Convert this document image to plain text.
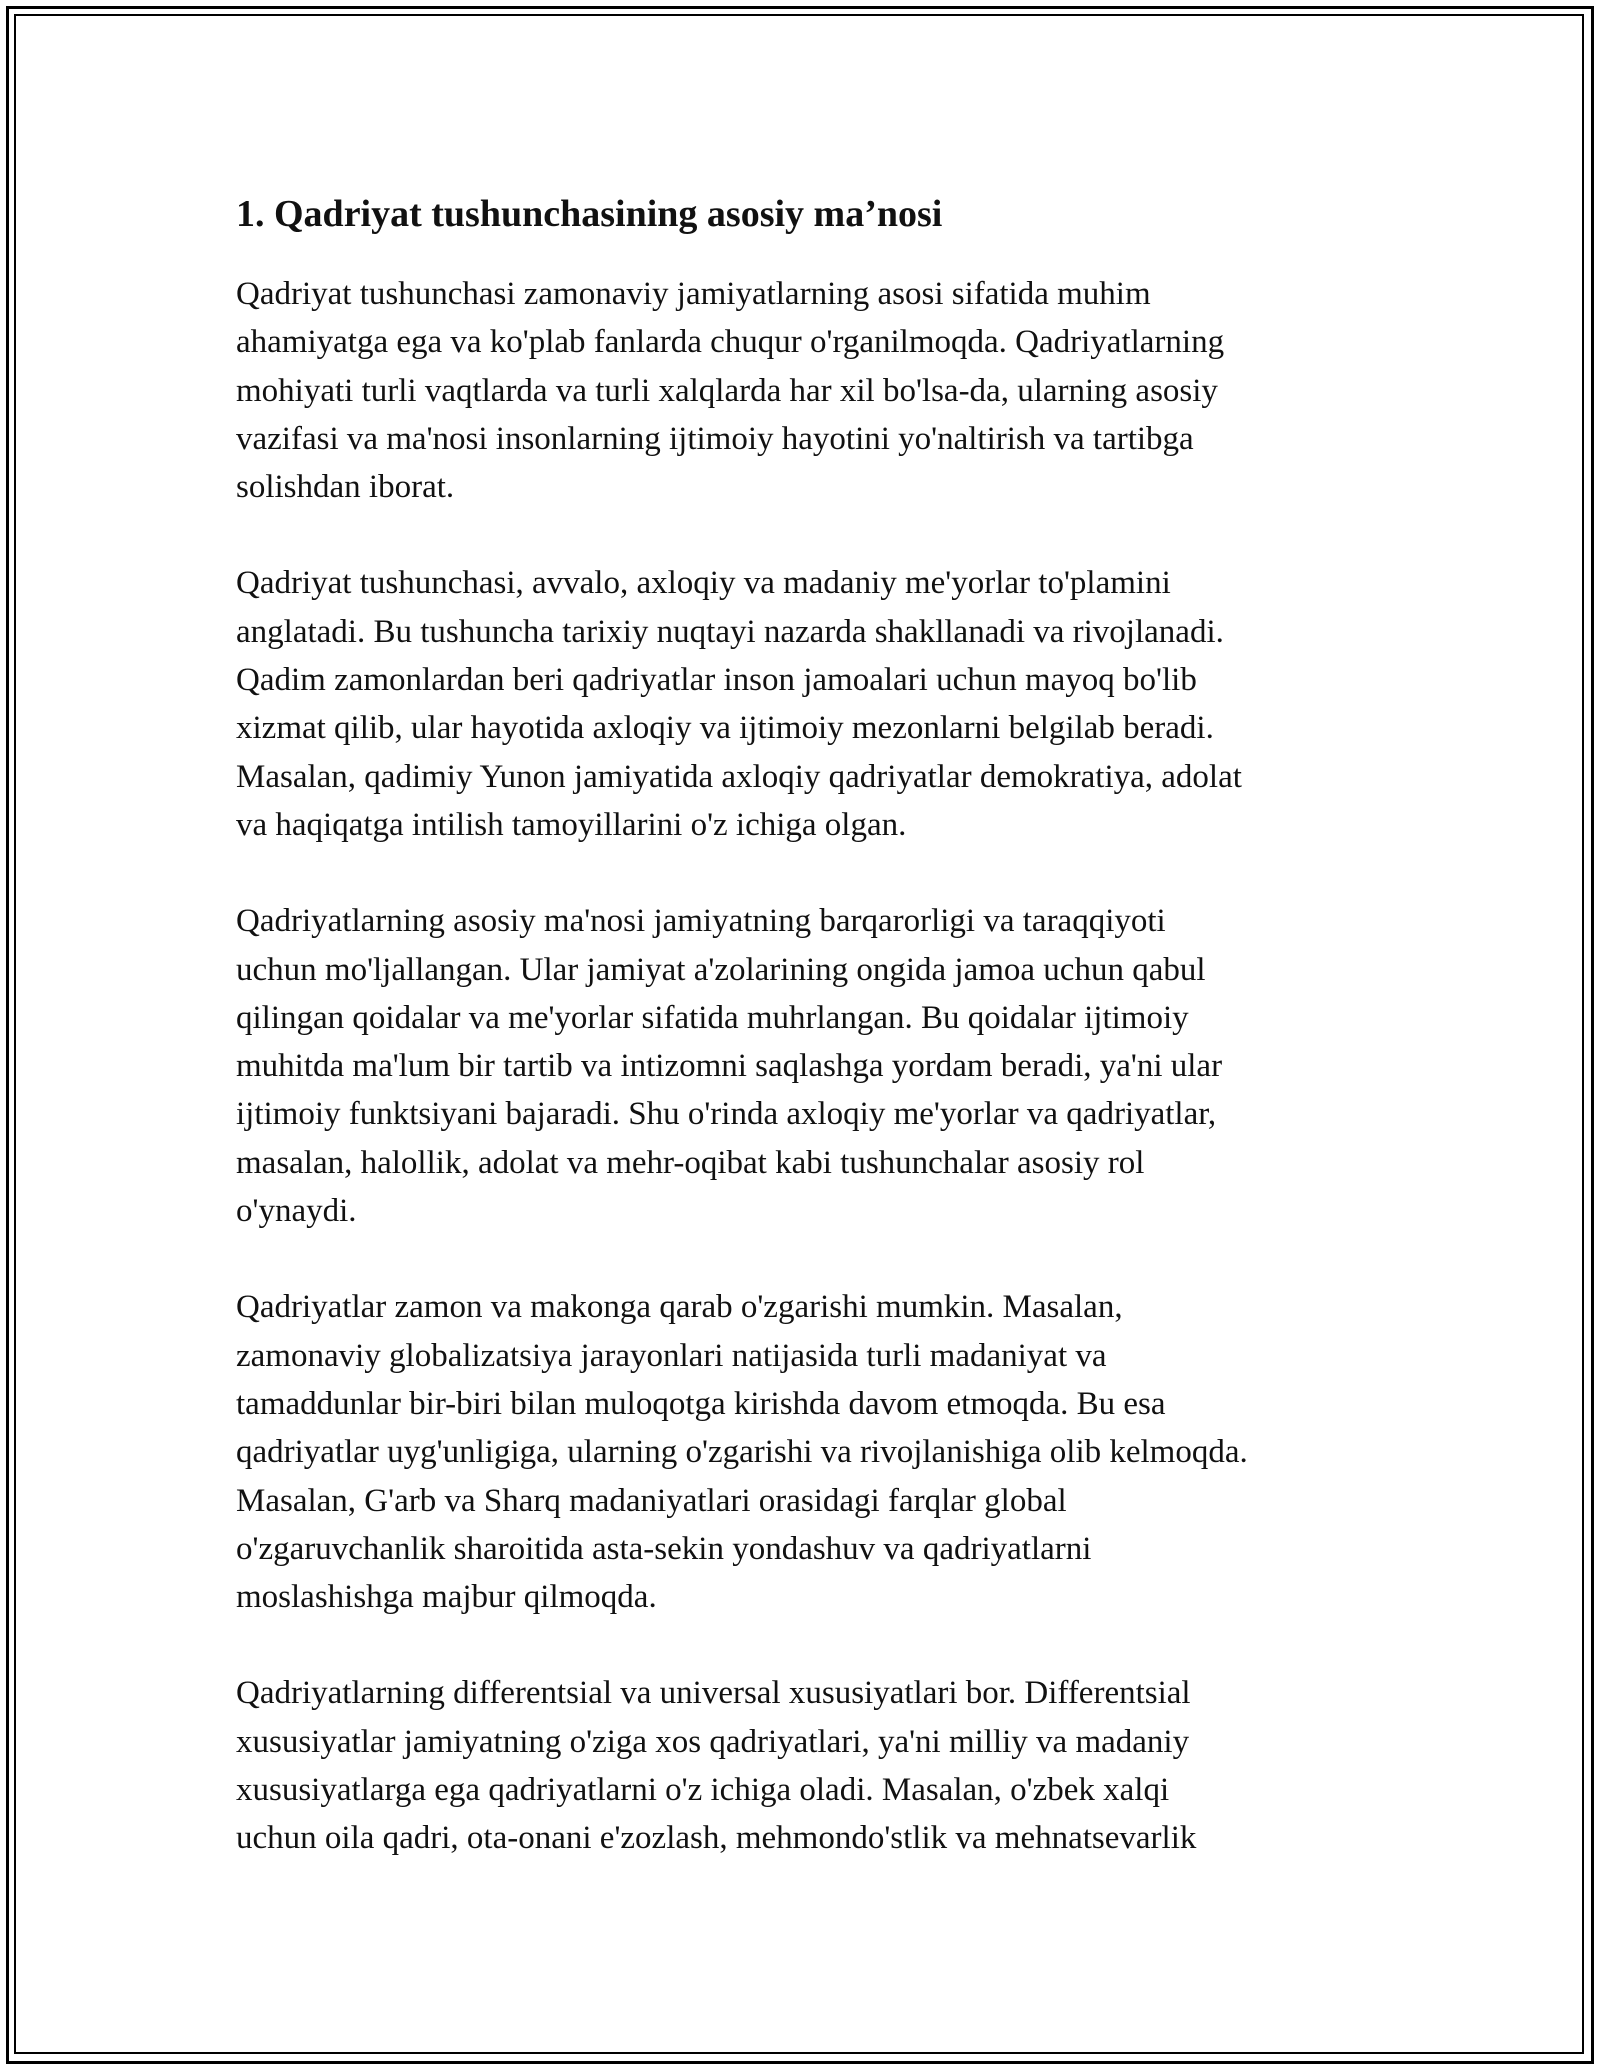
1. Qadriyat tushunchasining asosiy ma’nosi

Qadriyat tushunchasi zamonaviy jamiyatlarning asosi sifatida muhim
ahamiyatga ega va ko'plab fanlarda chuqur o'rganilmoqda. Qadriyatlarning
mohiyati turli vaqtlarda va turli xalqlarda har xil bo'lsa-da, ularning asosiy
vazifasi va ma'nosi insonlarning ijtimoiy hayotini yo'naltirish va tartibga
solishdan iborat.

Qadriyat tushunchasi, avvalo, axloqiy va madaniy me'yorlar to'plamini
anglatadi. Bu tushuncha tarixiy nuqtayi nazarda shakllanadi va rivojlanadi.
Qadim zamonlardan beri qadriyatlar inson jamoalari uchun mayoq bo'lib
xizmat qilib, ular hayotida axloqiy va ijtimoiy mezonlarni belgilab beradi.
Masalan, qadimiy Yunon jamiyatida axloqiy qadriyatlar demokratiya, adolat
va haqiqatga intilish tamoyillarini o'z ichiga olgan.

Qadriyatlarning asosiy ma'nosi jamiyatning barqarorligi va taraqqiyoti
uchun mo'ljallangan. Ular jamiyat a'zolarining ongida jamoa uchun qabul
qilingan qoidalar va me'yorlar sifatida muhrlangan. Bu qoidalar ijtimoiy
muhitda ma'lum bir tartib va intizomni saqlashga yordam beradi, ya'ni ular
ijtimoiy funktsiyani bajaradi. Shu o'rinda axloqiy me'yorlar va qadriyatlar,
masalan, halollik, adolat va mehr-oqibat kabi tushunchalar asosiy rol
o'ynaydi.

Qadriyatlar zamon va makonga qarab o'zgarishi mumkin. Masalan,
zamonaviy globalizatsiya jarayonlari natijasida turli madaniyat va
tamaddunlar bir-biri bilan muloqotga kirishda davom etmoqda. Bu esa
qadriyatlar uyg'unligiga, ularning o'zgarishi va rivojlanishiga olib kelmoqda.
Masalan, G'arb va Sharq madaniyatlari orasidagi farqlar global
o'zgaruvchanlik sharoitida asta-sekin yondashuv va qadriyatlarni
moslashishga majbur qilmoqda.

Qadriyatlarning differentsial va universal xususiyatlari bor. Differentsial
xususiyatlar jamiyatning o'ziga xos qadriyatlari, ya'ni milliy va madaniy
xususiyatlarga ega qadriyatlarni o'z ichiga oladi. Masalan, o'zbek xalqi
uchun oila qadri, ota-onani e'zozlash, mehmondo'stlik va mehnatsevarlik
